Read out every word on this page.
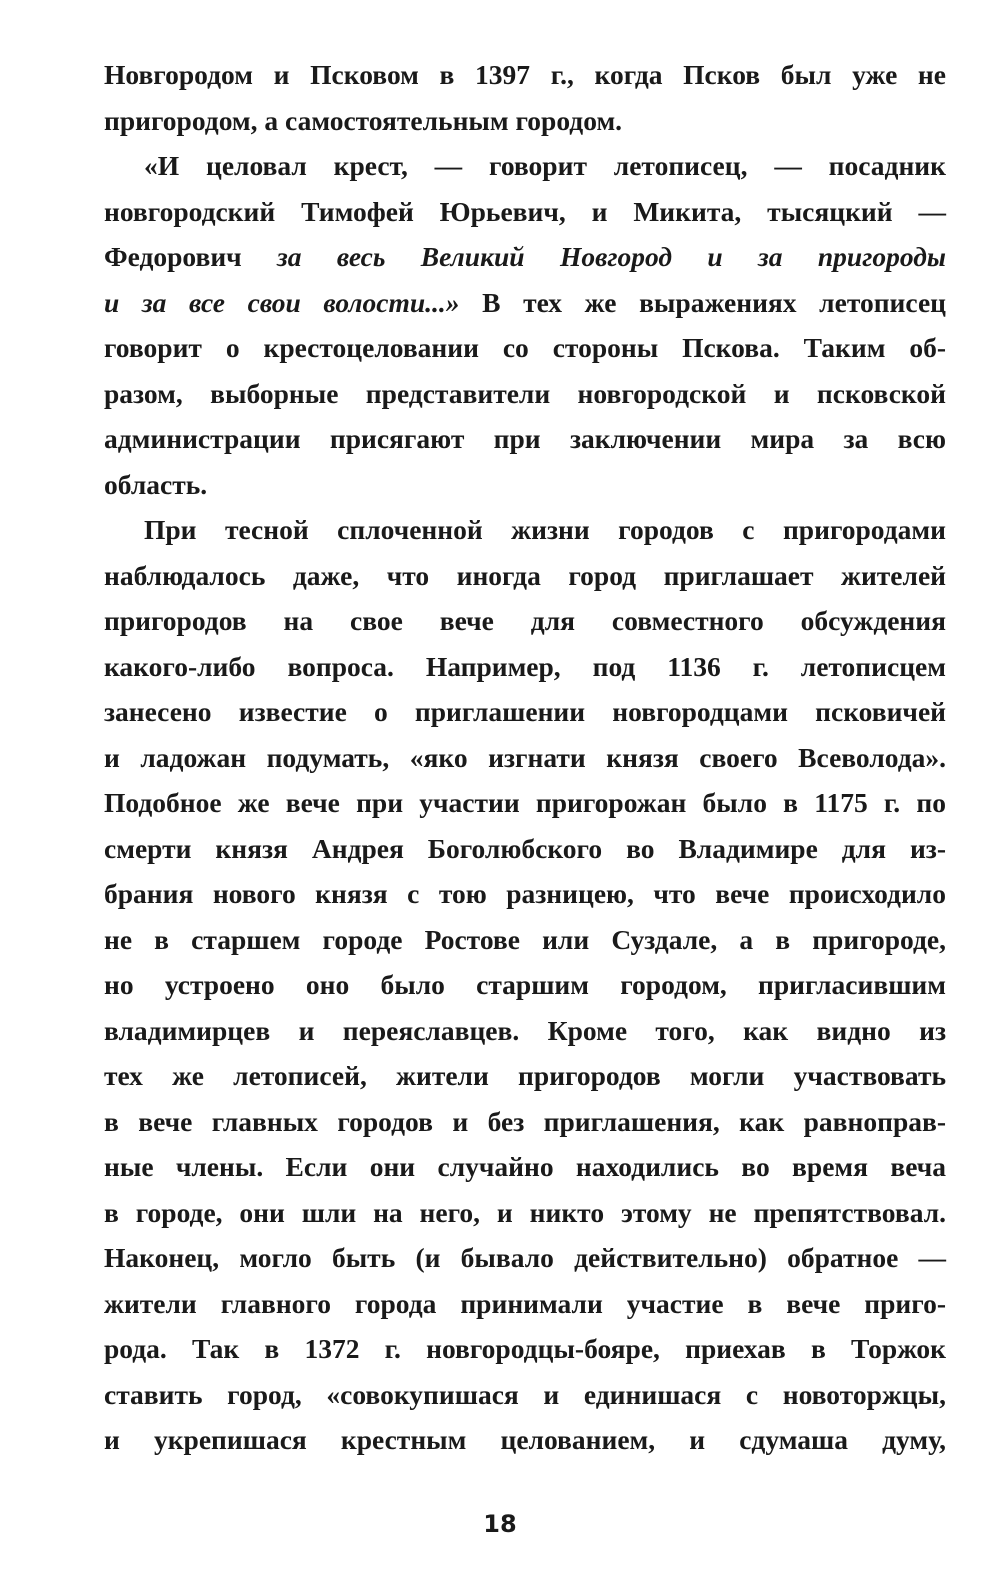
Новгородом и Псковом в 1397 г., когда Псков был уже не
пригородом, а самостоятельным городом.
«И целовал крест, — говорит летописец, — посадник
новгородский Тимофей Юрьевич, и Микита, тысяцкий —
Федорович за весь Великий Новгород и за пригороды
и за все свои волости...» В тех же выражениях летописец
говорит о крестоцеловании со стороны Пскова. Таким об-
разом, выборные представители новгородской и псковской
администрации присягают при заключении мира за всю
область.
При тесной сплоченной жизни городов с пригородами
наблюдалось даже, что иногда город приглашает жителей
пригородов на свое вече для совместного обсуждения
какого-либо вопроса. Например, под 1136 г. летописцем
занесено известие о приглашении новгородцами псковичей
и ладожан подумать, «яко изгнати князя своего Всеволода».
Подобное же вече при участии пригорожан было в 1175 г. по
смерти князя Андрея Боголюбского во Владимире для из-
брания нового князя с тою разницею, что вече происходило
не в старшем городе Ростове или Суздале, а в пригороде,
но устроено оно было старшим городом, пригласившим
владимирцев и переяславцев. Кроме того, как видно из
тех же летописей, жители пригородов могли участвовать
в вече главных городов и без приглашения, как равноправ-
ные члены. Если они случайно находились во время веча
в городе, они шли на него, и никто этому не препятствовал.
Наконец, могло быть (и бывало действительно) обратное —
жители главного города принимали участие в вече приго-
рода. Так в 1372 г. новгородцы-бояре, приехав в Торжок
ставить город, «совокупишася и единишася с новоторжцы,
и укрепишася крестным целованием, и сдумаша думу,
18
